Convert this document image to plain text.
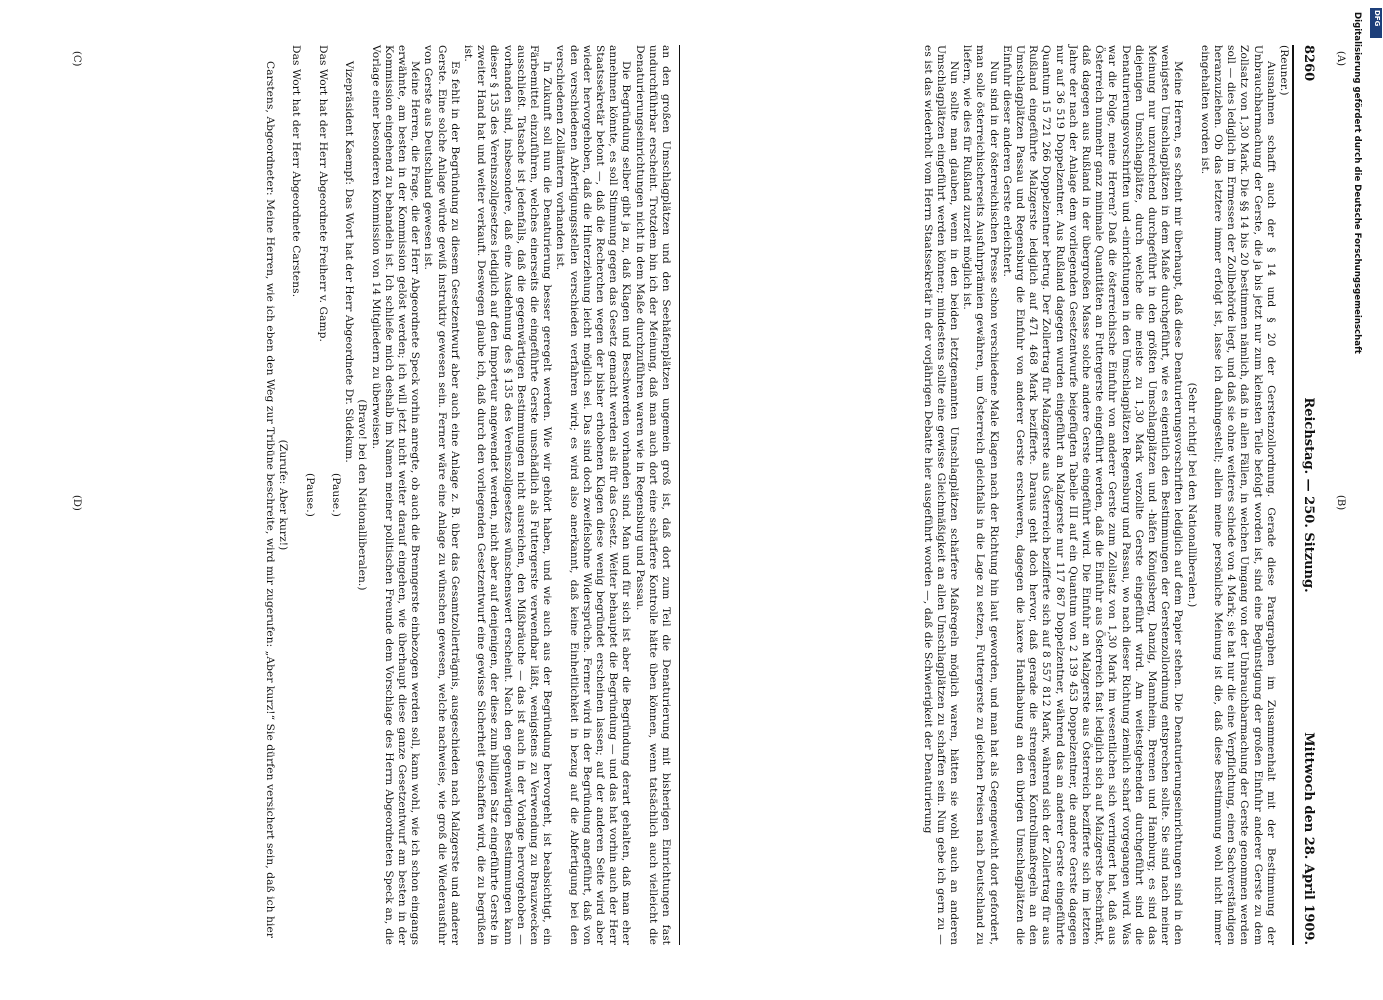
8260
Reichstag. — 250. Sitzung.
Mittwoch den 28. April 1909.

(Reuner.)

Ausnahmen schafft auch der § 14 und § 20 der Gerstenzollordnung. Gerade diese Paragraphen im Zusammenhalt mit der Bestimmung der Unbrauchbarmachung der Gerste, die ja bis jetzt nur zum kleinsten Teile befolgt worden ist, sind eine Begünstigung der großen Einfuhr anderer Gerste zu dem Zollsatz von 1,30 Mark. Die §§ 14 bis 20 bestimmen nämlich, daß in allen Fällen, in welchen Umgang von der Unbrauchbarmachung der Gerste genommen werden soll — dies lediglich im Ermessen der Zollbehörde liegt, und daß sie ohne weiteres schiede von 4 Mark; sie hat nur die eine Verpflichtung, einen Sachverständigen heranzuziehen. Ob das letztere immer erfolgt ist, lasse ich dahingestellt; allein meine persönliche Meinung ist die, daß diese Bestimmung wohl nicht immer eingehalten worden ist.

(Sehr richtig! bei den Nationalliberalen.)

Meine Herren, es scheint mir überhaupt, daß diese Denaturierungsvorschriften lediglich auf dem Papier stehen. Die Denaturierungseinrichtungen sind in den wenigsten Umschlagplätzen in dem Maße durchgeführt, wie es eigentlich den Bestimmungen der Gerstenzollordnung entsprechen sollte. Sie sind nach meiner Meinung nur unzureichend durchgeführt in den größten Umschlagplätzen und -häfen Königsberg, Danzig, Mannheim, Bremen und Hamburg; es sind das diejenigen Umschlagplätze, durch welche die meiste zu 1,30 Mark verzollte Gerste eingeführt wird. Am weitestgehenden durchgeführt sind die Denaturierungsvorschriften und -einrichtungen in den Umschlagplätzen Regensburg und Passau, wo nach dieser Richtung ziemlich scharf vorgegangen wird. Was war die Folge, meine Herren? Daß die österreichische Einfuhr von anderer Gerste zum Zollsatz von 1,30 Mark im wesentlichen sich verringert hat, daß aus Österreich nunmehr ganz minimale Quantitäten an Futtergerste eingeführt werden, daß die Einfuhr aus Österreich fast lediglich sich auf Malzgerste beschränkt, daß dagegen aus Rußland in der übergroßen Masse solche andere Gerste eingeführt wird. Die Einfuhr an Malzgerste aus Österreich bezifferte sich im letzten Jahre der nach der Anlage dem vorliegenden Gesetzentwurfe beigefügten Tabelle III auf ein Quantum von 2 139 453 Doppelzentner, die andere Gerste dagegen nur auf 36 519 Doppelzentner. Aus Rußland dagegen wurden eingeführt an Malzgerste nur 117 867 Doppelzentner, während das an anderer Gerste eingeführte Quantum 15 721 266 Doppelzentner betrug. Der Zollertrag für Malzgerste aus Österreich bezifferte sich auf 8 557 812 Mark, während sich der Zollertrag für aus Rußland eingeführte Malzgerste lediglich auf 471 468 Mark bezifferte. Daraus geht doch hervor, daß gerade die strengeren Kontrollmaßregeln an den Umschlagplätzen Passau und Regensburg die Einfuhr von anderer Gerste erschweren, dagegen die laxere Handhabung an den übrigen Umschlagplätzen die Einfuhr dieser anderen Gerste erleichtert.

Nun sind in der österreichischen Presse schon verschiedene Male Klagen nach der Richtung hin laut geworden, und man hat als Gegengewicht dort gefordert, man solle österreichischerseits Ausfuhrprämien gewähren, um Österreich gleichfalls in die Lage zu setzen, Futtergerste zu gleichen Preisen nach Deutschland zu liefern, wie dies für Rußland zurzeit möglich ist.

Nun sollte man glauben, wenn in den beiden letztgenannten Umschlagplätzen schärfere Maßregeln möglich waren, hätten sie wohl auch an anderen Umschlagplätzen eingeführt werden können; mindestens sollte eine gewisse Gleichmäßigkeit an allen Umschlagplätzen zu schaffen sein. Nun gebe ich gern zu — es ist das wiederholt vom Herrn Staatssekretär in der vorjährigen Debatte hier ausgeführt worden —, daß die Schwierigkeit der Denaturierung

an den großen Umschlagplätzen und den Seehäfenplätzen ungemein groß ist, daß dort zum Teil die Denaturierung mit bisherigen Einrichtungen fast undurchführbar erscheint. Trotzdem bin ich der Meinung, daß man auch dort eine schärfere Kontrolle hätte üben können, wenn tatsächlich auch vielleicht die Denaturierungseinrichtungen nicht in dem Maße durchzuführen waren wie in Regensburg und Passau.

Die Begründung selber gibt ja zu, daß Klagen und Beschwerden vorhanden sind. Man und für sich ist aber die Begründung derart gehalten, daß man eher annehmen könnte, es soll Stimmung gegen das Gesetz gemacht werden als für das Gesetz. Weiter behauptet die Begründung — und das hat vorhin auch der Herr Staatssekretär betont —, daß die Recherchen wegen der bisher erhobenen Klagen diese wenig begründet erscheinen lassen; auf der anderen Seite wird aber wieder hervorgehoben, daß die Hinterziehung leicht möglich sei. Das sind doch zweifelsohne Widersprüche. Ferner wird in der Begründung angeführt, daß von den verschiedenen Abfertigungsstellen verschieden verfahren wird; es wird also anerkannt, daß keine Einheitlichkeit in bezug auf die Abfertigung bei den verschiedenen Zollämtern vorhanden ist.

In Zukunft soll nun die Denaturierung besser geregelt werden. Wie wir gehört haben, und wie auch aus der Begründung hervorgeht, ist beabsichtigt, ein Färbemittel einzuführen, welches einerseits die eingeführte Gerste unschädlich als Futtergerste verwendbar läßt, wenigstens zu Verwendung zu Brauzwecken ausschließt. Tatsache ist jedenfalls, daß die gegenwärtigen Bestimmungen nicht ausreichen, den Mißbräuche — das ist auch in der Vorlage hervorgehoben — vorhanden sind, insbesondere, daß eine Ausdehnung des § 135 des Vereinszollgesetzes wünschenswert erscheint. Nach den gegenwärtigen Bestimmungen kann dieser § 135 des Vereinszollgesetzes lediglich auf den Importeur angewendet werden, nicht aber auf denjenigen, der diese zum billigen Satz eingeführte Gerste in zweiter Hand hat und weiter verkauft. Deswegen glaube ich, daß durch den vorliegenden Gesetzentwurf eine gewisse Sicherheit geschaffen wird, die zu begrüßen ist.

Es fehlt in der Begründung zu diesem Gesetzentwurf aber auch eine Anlage z. B. über das Gesamtzollerträgnis, ausgeschieden nach Malzgerste und anderer Gerste. Eine solche Anlage würde gewiß instruktiv gewesen sein. Ferner wäre eine Anlage zu wünschen gewesen, welche nachweise, wie groß die Wiederausfuhr von Gerste aus Deutschland gewesen ist.

Meine Herren, die Frage, die der Herr Abgeordnete Speck vorhin anregte, ob auch die Brenngerste einbezogen werden soll, kann wohl, wie ich schon eingangs erwähnte, am besten in der Kommission gelöst werden; ich will jetzt nicht weiter darauf eingehen, wie überhaupt diese ganze Gesetzentwurf am besten in der Kommission eingehend zu behandeln ist. Ich schließe mich deshalb im Namen meiner politischen Freunde dem Vorschlage des Herrn Abgeordneten Speck an, die Vorlage einer besonderen Kommission von 14 Mitgliedern zu überweisen.

(Bravo! bei den Nationalliberalen.)

Vizepräsident Kaempf: Das Wort hat der Herr Abgeordnete Dr. Südekum.

(Pause.)

Das Wort hat der Herr Abgeordnete Freiherr v. Gamp.

(Pause.)

Das Wort hat der Herr Abgeordnete Carstens.

(Zurufe: Aber kurz!)

Carstens, Abgeordneter: Meine Herren, wie ich eben den Weg zur Tribüne beschreite, wird mir zugerufen: „Aber kurz!“ Sie dürfen versichert sein, daß ich hier

(A)
(B)
(C)
(D)
Digitalisierung gefördert durch die Deutsche Forschungsgemeinschaft DFG
